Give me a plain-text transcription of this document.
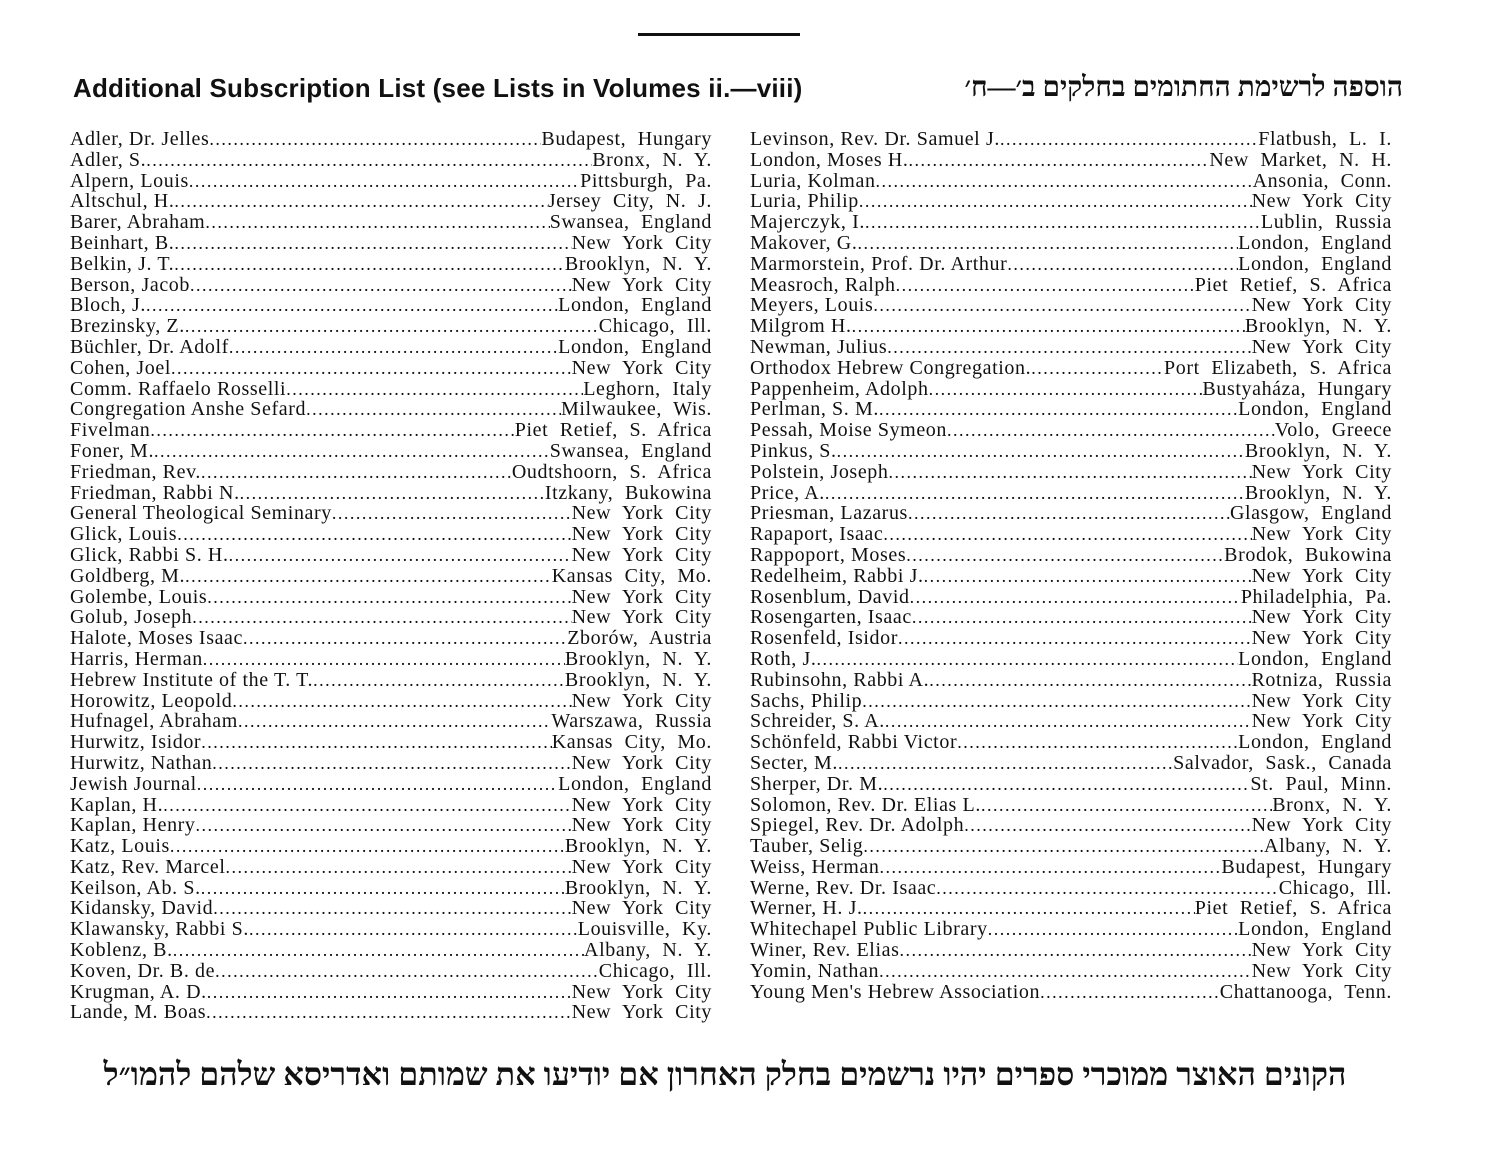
Additional Subscription List (see Lists in Volumes ii.—viii)	הוספה לרשימת החתומים בחלקים ב׳—ח׳
Adler, Dr. Jelles .....	Budapest, Hungary
Adler, S. .....	Bronx, N. Y.
Alpern, Louis .....	Pittsburgh, Pa.
Altschul, H. .....	Jersey City, N. J.
Barer, Abraham .....	Swansea, England
Beinhart, B. .....	New York City
Belkin, J. T. .....	Brooklyn, N. Y.
Berson, Jacob .....	New York City
Bloch, J. .....	London, England
Brezinsky, Z. .....	Chicago, Ill.
Büchler, Dr. Adolf .....	London, England
Cohen, Joel .....	New York City
Comm. Raffaelo Rosselli .....	Leghorn, Italy
Congregation Anshe Sefard .....	Milwaukee, Wis.
Fivelman .....	Piet Retief, S. Africa
Foner, M. .....	Swansea, England
Friedman, Rev. .....	Oudtshoorn, S. Africa
Friedman, Rabbi N. .....	Itzkany, Bukowina
General Theological Seminary .....	New York City
Glick, Louis .....	New York City
Glick, Rabbi S. H. .....	New York City
Goldberg, M. .....	Kansas City, Mo.
Golembe, Louis .....	New York City
Golub, Joseph .....	New York City
Halote, Moses Isaac .....	Zborów, Austria
Harris, Herman .....	Brooklyn, N. Y.
Hebrew Institute of the T. T. .....	Brooklyn, N. Y.
Horowitz, Leopold .....	New York City
Hufnagel, Abraham .....	Warszawa, Russia
Hurwitz, Isidor .....	Kansas City, Mo.
Hurwitz, Nathan .....	New York City
Jewish Journal .....	London, England
Kaplan, H. .....	New York City
Kaplan, Henry .....	New York City
Katz, Louis .....	Brooklyn, N. Y.
Katz, Rev. Marcel .....	New York City
Keilson, Ab. S. .....	Brooklyn, N. Y.
Kidansky, David .....	New York City
Klawansky, Rabbi S. .....	Louisville, Ky.
Koblenz, B. .....	Albany, N. Y.
Koven, Dr. B. de .....	Chicago, Ill.
Krugman, A. D. .....	New York City
Lande, M. Boas .....	New York City
Levinson, Rev. Dr. Samuel J. .....	Flatbush, L. I.
London, Moses H. .....	New Market, N. H.
Luria, Kolman .....	Ansonia, Conn.
Luria, Philip .....	New York City
Majerczyk, I. .....	Lublin, Russia
Makover, G. .....	London, England
Marmorstein, Prof. Dr. Arthur .....	London, England
Measroch, Ralph .....	Piet Retief, S. Africa
Meyers, Louis .....	New York City
Milgrom H. .....	Brooklyn, N. Y.
Newman, Julius .....	New York City
Orthodox Hebrew Congregation. .....	Port Elizabeth, S. Africa
Pappenheim, Adolph .....	Bustyaháza, Hungary
Perlman, S. M. .....	London, England
Pessah, Moise Symeon .....	Volo, Greece
Pinkus, S. .....	Brooklyn, N. Y.
Polstein, Joseph .....	New York City
Price, A. .....	Brooklyn, N. Y.
Priesman, Lazarus .....	Glasgow, England
Rapaport, Isaac .....	New York City
Rappoport, Moses .....	Brodok, Bukowina
Redelheim, Rabbi J. .....	New York City
Rosenblum, David .....	Philadelphia, Pa.
Rosengarten, Isaac .....	New York City
Rosenfeld, Isidor .....	New York City
Roth, J. .....	London, England
Rubinsohn, Rabbi A. .....	Rotniza, Russia
Sachs, Philip .....	New York City
Schreider, S. A. .....	New York City
Schönfeld, Rabbi Victor .....	London, England
Secter, M. .....	Salvador, Sask., Canada
Sherper, Dr. M. .....	St. Paul, Minn.
Solomon, Rev. Dr. Elias L. .....	Bronx, N. Y.
Spiegel, Rev. Dr. Adolph .....	New York City
Tauber, Selig .....	Albany, N. Y.
Weiss, Herman .....	Budapest, Hungary
Werne, Rev. Dr. Isaac .....	Chicago, Ill.
Werner, H. J. .....	Piet Retief, S. Africa
Whitechapel Public Library .....	London, England
Winer, Rev. Elias .....	New York City
Yomin, Nathan .....	New York City
Young Men's Hebrew Association .....	Chattanooga, Tenn.
הקונים האוצר ממוכרי ספרים יהיו נרשמים בחלק האחרון אם יודיעו את שמותם ואדריסא שלהם להמו״ל
